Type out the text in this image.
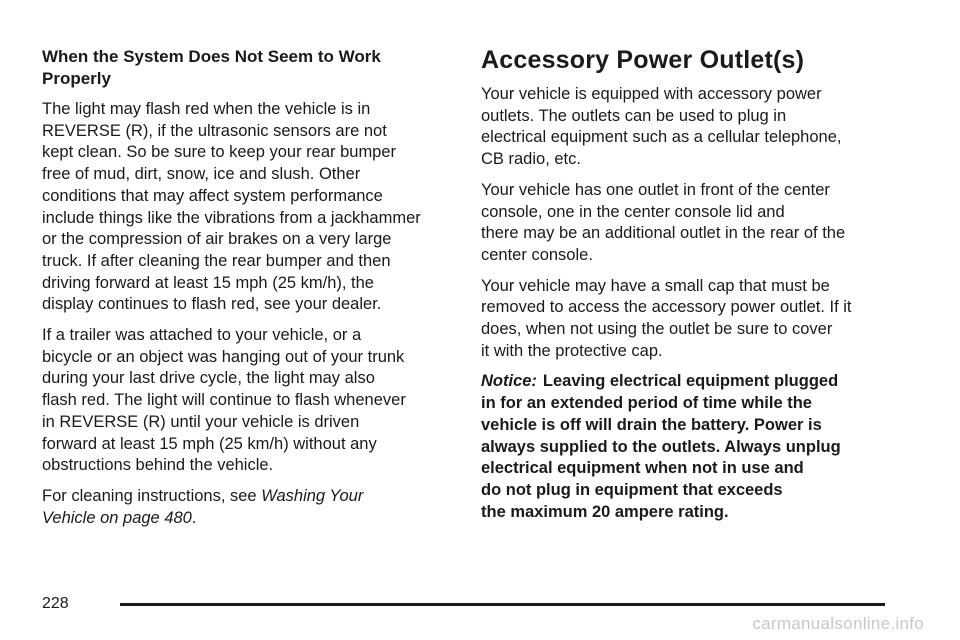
When the System Does Not Seem to Work
Properly

The light may flash red when the vehicle is in
REVERSE (R), if the ultrasonic sensors are not
kept clean. So be sure to keep your rear bumper
free of mud, dirt, snow, ice and slush. Other
conditions that may affect system performance
include things like the vibrations from a jackhammer
or the compression of air brakes on a very large
truck. If after cleaning the rear bumper and then
driving forward at least 15 mph (25 km/h), the
display continues to flash red, see your dealer.

If a trailer was attached to your vehicle, or a
bicycle or an object was hanging out of your trunk
during your last drive cycle, the light may also
flash red. The light will continue to flash whenever
in REVERSE (R) until your vehicle is driven
forward at least 15 mph (25 km/h) without any
obstructions behind the vehicle.

For cleaning instructions, see Washing Your
Vehicle on page 480.

Accessory Power Outlet(s)

Your vehicle is equipped with accessory power
outlets. The outlets can be used to plug in
electrical equipment such as a cellular telephone,
CB radio, etc.

Your vehicle has one outlet in front of the center
console, one in the center console lid and
there may be an additional outlet in the rear of the
center console.

Your vehicle may have a small cap that must be
removed to access the accessory power outlet. If it
does, when not using the outlet be sure to cover
it with the protective cap.

Notice: Leaving electrical equipment plugged
in for an extended period of time while the
vehicle is off will drain the battery. Power is
always supplied to the outlets. Always unplug
electrical equipment when not in use and
do not plug in equipment that exceeds
the maximum 20 ampere rating.

228
carmanualsonline.info
